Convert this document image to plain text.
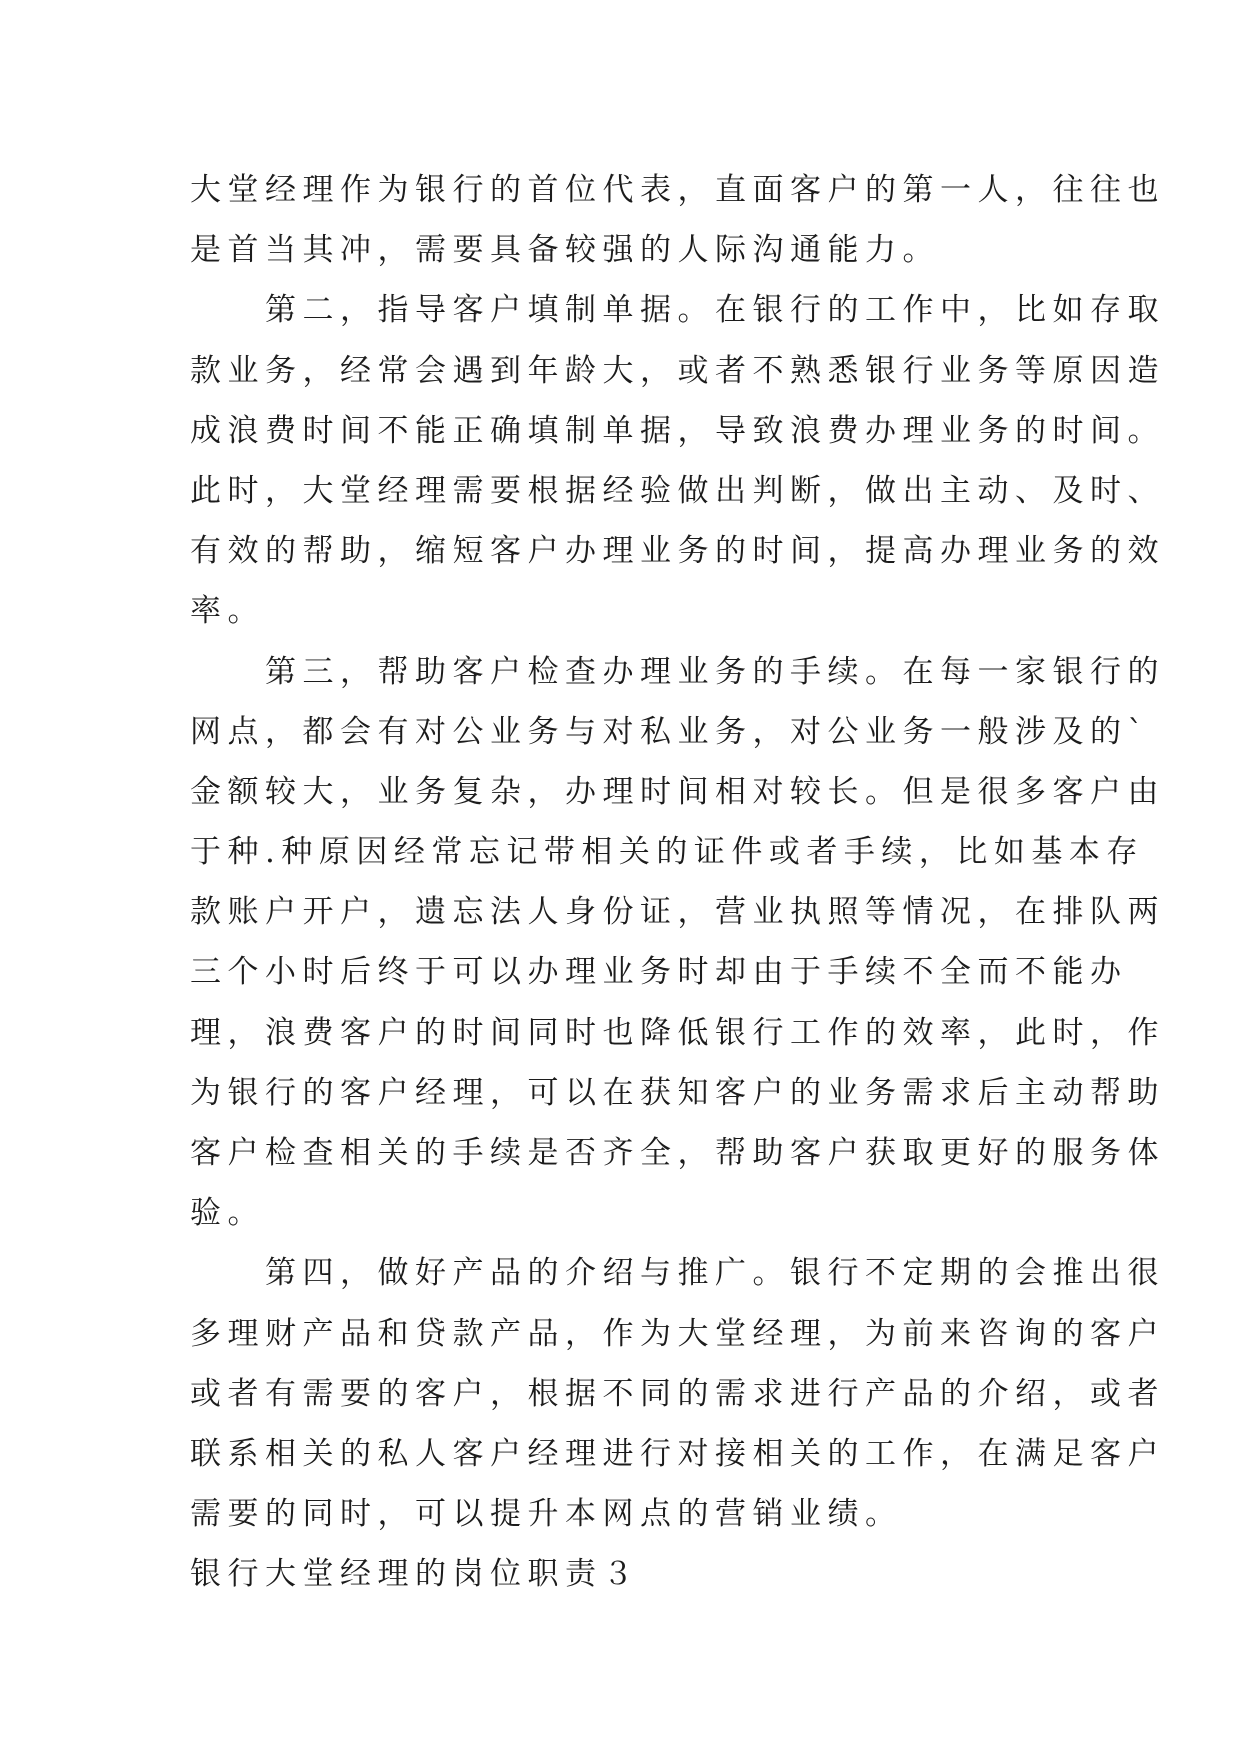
大堂经理作为银行的首位代表，直面客户的第一人，往往也
是首当其冲，需要具备较强的人际沟通能力。
第二，指导客户填制单据。在银行的工作中，比如存取
款业务，经常会遇到年龄大，或者不熟悉银行业务等原因造
成浪费时间不能正确填制单据，导致浪费办理业务的时间。
此时，大堂经理需要根据经验做出判断，做出主动、及时、
有效的帮助，缩短客户办理业务的时间，提高办理业务的效
率。
第三，帮助客户检查办理业务的手续。在每一家银行的
网点，都会有对公业务与对私业务，对公业务一般涉及的`
金额较大，业务复杂，办理时间相对较长。但是很多客户由
于种.种原因经常忘记带相关的证件或者手续，比如基本存
款账户开户，遗忘法人身份证，营业执照等情况，在排队两
三个小时后终于可以办理业务时却由于手续不全而不能办
理，浪费客户的时间同时也降低银行工作的效率，此时，作
为银行的客户经理，可以在获知客户的业务需求后主动帮助
客户检查相关的手续是否齐全，帮助客户获取更好的服务体
验。
第四，做好产品的介绍与推广。银行不定期的会推出很
多理财产品和贷款产品，作为大堂经理，为前来咨询的客户
或者有需要的客户，根据不同的需求进行产品的介绍，或者
联系相关的私人客户经理进行对接相关的工作，在满足客户
需要的同时，可以提升本网点的营销业绩。
银行大堂经理的岗位职责３
